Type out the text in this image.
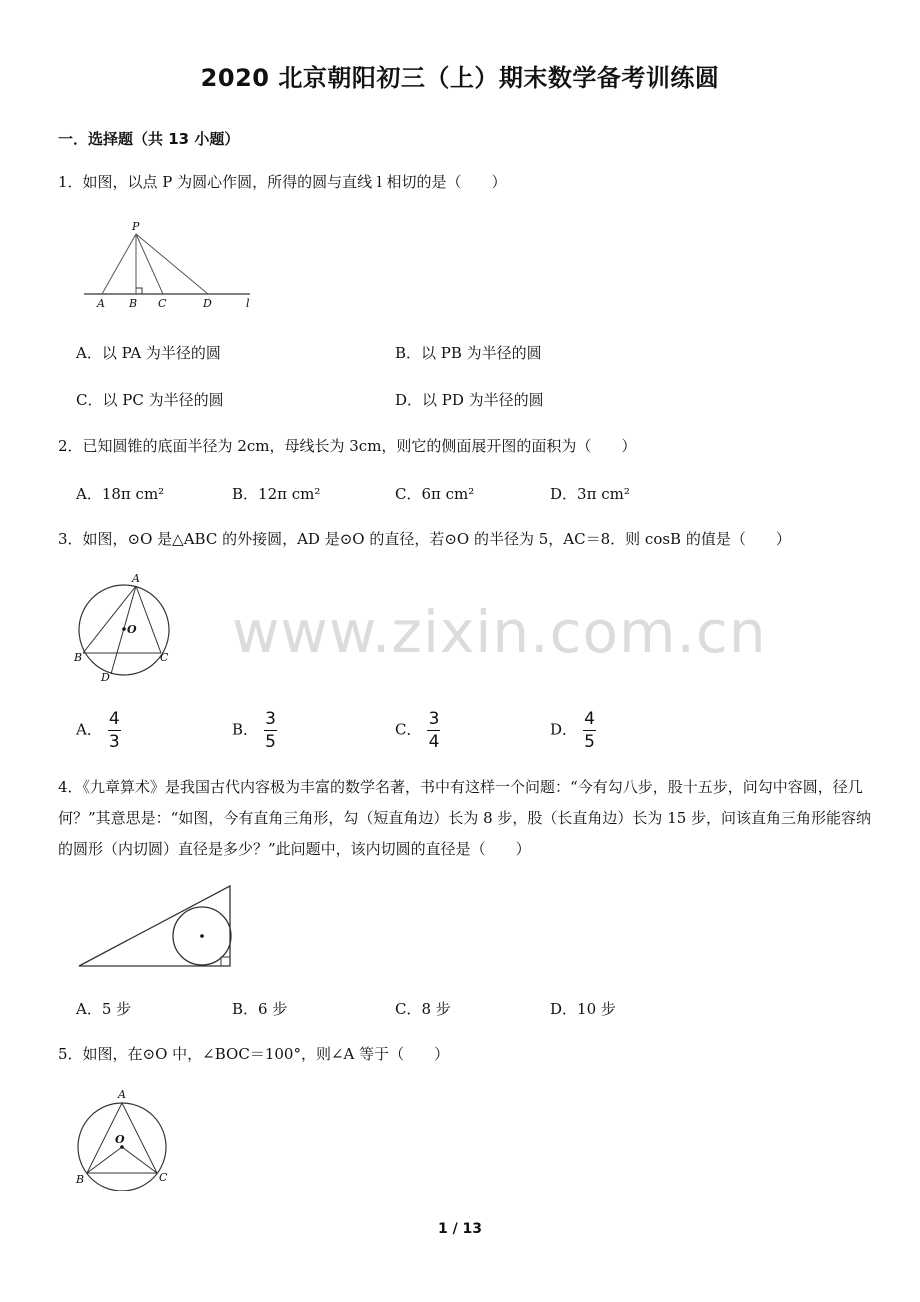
2020 北京朝阳初三（上）期末数学备考训练圆
一．选择题（共 13 小题）
1．如图，以点 P 为圆心作圆，所得的圆与直线 l 相切的是（　　）
P
A B C	D	l
A．以 PA 为半径的圆	B．以 PB 为半径的圆
C．以 PC 为半径的圆	D．以 PD 为半径的圆
2．已知圆锥的底面半径为 2cm，母线长为 3cm，则它的侧面展开图的面积为（　　）
A．18π cm²	B．12π cm²	C．6π cm²	D．3π cm²
3．如图，⊙O 是△ABC 的外接圆，AD 是⊙O 的直径，若⊙O 的半径为 5，AC＝8．则 cosB 的值是（　　）
A
O
B	C
D
A． $\frac{4}{3}$	B． $\frac{3}{5}$	C． $\frac{3}{4}$	D． $\frac{4}{5}$
www.zixin.com.cn
4．《九章算术》是我国古代内容极为丰富的数学名著，书中有这样一个问题：“今有勾八步，股十五步，问勾中容圆，径几何？”其意思是：“如图，今有直角三角形，勾（短直角边）长为 8 步，股（长直角边）长为 15 步，问该直角三角形能容纳的圆形（内切圆）直径是多少？”此问题中，该内切圆的直径是（　　）
A．5 步	B．6 步	C．8 步	D．10 步
5．如图，在⊙O 中，∠BOC＝100°，则∠A 等于（　　）
A
O
B	C
1 / 13
